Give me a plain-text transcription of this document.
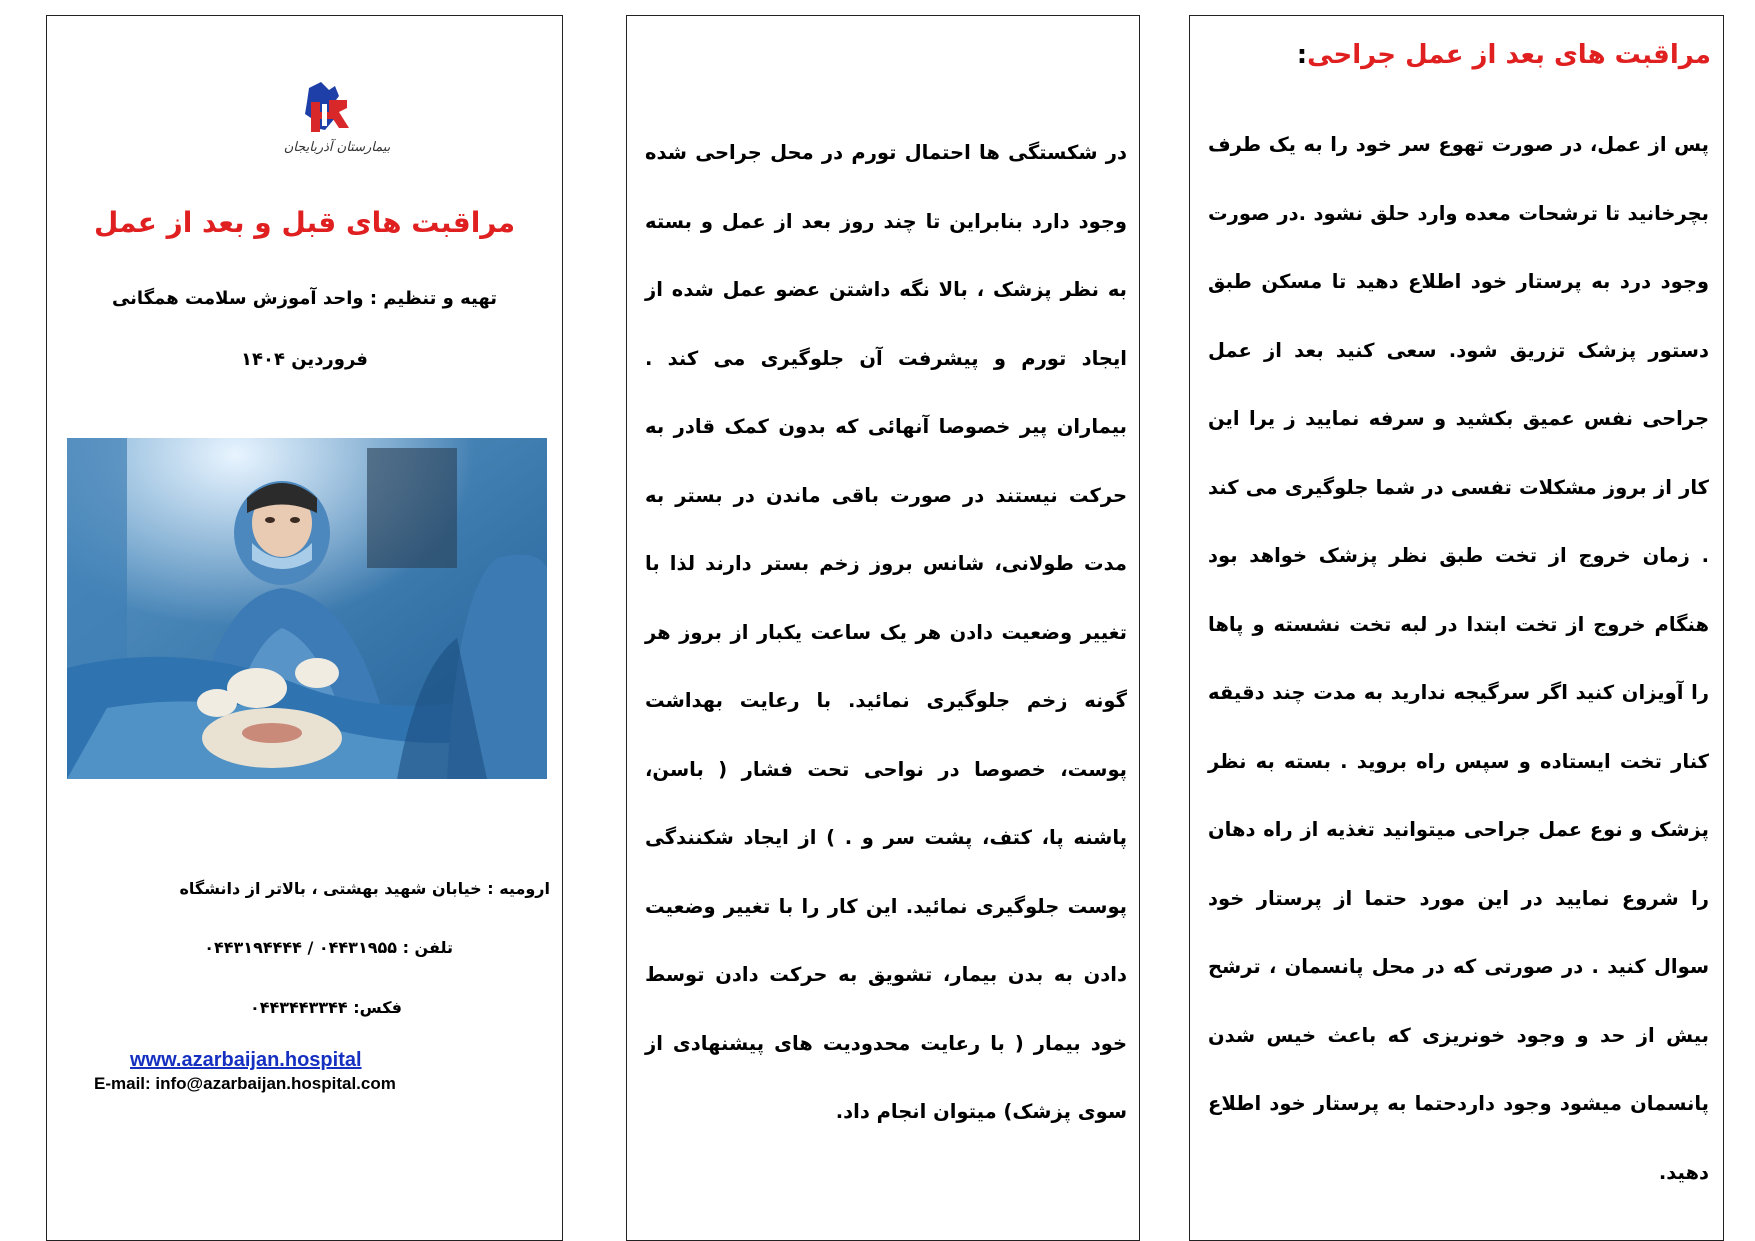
بیمارستان آذربایجان
مراقبت های قبل و بعد از عمل
تهیه و تنظیم : واحد آموزش سلامت همگانی
فروردین ۱۴۰۴
ارومیه : خیابان شهید بهشتی ، بالاتر از دانشگاه
تلفن : ۰۴۴۳۱۹۵۵ / ۰۴۴۳۱۹۴۴۴۴
فکس: ۰۴۴۳۴۴۳۳۴۴
www.azarbaijan.hospital
E-mail: info@azarbaijan.hospital.com

در شکستگی ها احتمال تورم در محل جراحی شده وجود دارد بنابراین تا چند روز بعد از عمل و بسته به نظر پزشک ، بالا نگه داشتن عضو عمل شده از ایجاد تورم و پیشرفت آن جلوگیری می کند . بیماران پیر خصوصا آنهائی که بدون کمک قادر به حرکت نیستند در صورت باقی ماندن در بستر به مدت طولانی، شانس بروز زخم بستر دارند لذا با تغییر وضعیت دادن هر یک ساعت یکبار از بروز هر گونه زخم جلوگیری نمائید. با رعایت بهداشت پوست، خصوصا در نواحی تحت فشار ( باسن، پاشنه پا، کتف، پشت سر و . ) از ایجاد شکنندگی پوست جلوگیری نمائید. این کار را با تغییر وضعیت دادن به بدن بیمار، تشویق به حرکت دادن توسط خود بیمار ( با رعایت محدودیت های پیشنهادی از سوی پزشک) میتوان انجام داد.

مراقبت های بعد از عمل جراحی:

پس از عمل، در صورت تهوع سر خود را به یک طرف بچرخانید تا ترشحات معده وارد حلق نشود .در صورت وجود درد به پرستار خود اطلاع دهید تا مسکن طبق دستور پزشک تزریق شود. سعی کنید بعد از عمل جراحی نفس عمیق بکشید و سرفه نمایید ز یرا این کار از بروز مشکلات تفسی در شما جلوگیری می کند . زمان خروج از تخت طبق نظر پزشک خواهد بود هنگام خروج از تخت ابتدا در لبه تخت نشسته و پاها را آویزان کنید اگر سرگیجه ندارید به مدت چند دقیقه کنار تخت ایستاده و سپس راه بروید . بسته به نظر پزشک و نوع عمل جراحی میتوانید تغذیه از راه دهان را شروع نمایید در این مورد حتما از پرستار خود سوال کنید . در صورتی که در محل پانسمان ، ترشح بیش از حد و وجود خونریزی که باعث خیس شدن پانسمان میشود وجود داردحتما به پرستار خود اطلاع دهید.
